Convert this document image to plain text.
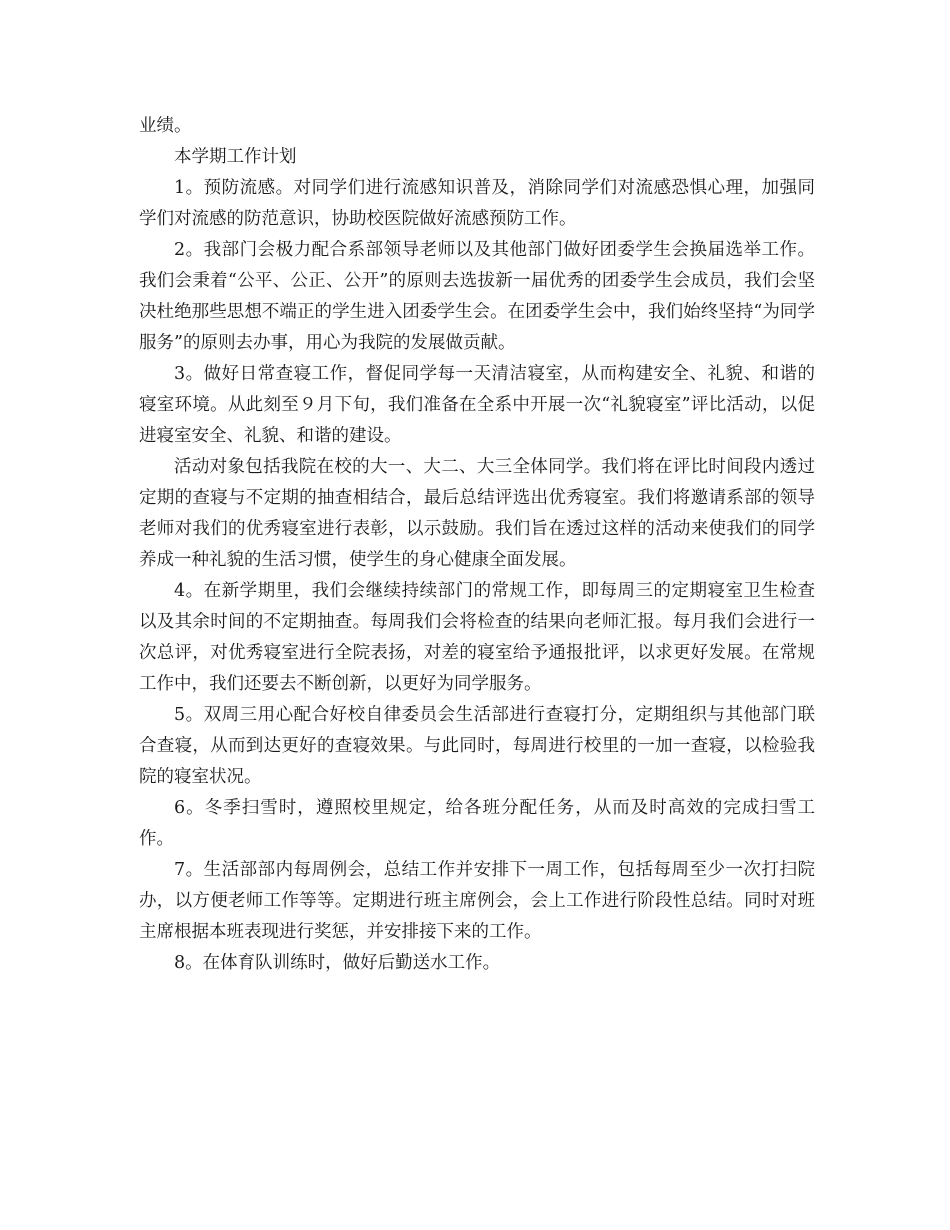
业绩。

本学期工作计划

1。预防流感。对同学们进行流感知识普及，消除同学们对流感恐惧心理，加强同学们对流感的防范意识，协助校医院做好流感预防工作。

2。我部门会极力配合系部领导老师以及其他部门做好团委学生会换届选举工作。我们会秉着“公平、公正、公开”的原则去选拔新一届优秀的团委学生会成员，我们会坚决杜绝那些思想不端正的学生进入团委学生会。在团委学生会中，我们始终坚持“为同学服务”的原则去办事，用心为我院的发展做贡献。

3。做好日常查寝工作，督促同学每一天清洁寝室，从而构建安全、礼貌、和谐的寝室环境。从此刻至９月下旬，我们准备在全系中开展一次“礼貌寝室”评比活动，以促进寝室安全、礼貌、和谐的建设。

活动对象包括我院在校的大一、大二、大三全体同学。我们将在评比时间段内透过定期的查寝与不定期的抽查相结合，最后总结评选出优秀寝室。我们将邀请系部的领导老师对我们的优秀寝室进行表彰，以示鼓励。我们旨在透过这样的活动来使我们的同学养成一种礼貌的生活习惯，使学生的身心健康全面发展。

4。在新学期里，我们会继续持续部门的常规工作，即每周三的定期寝室卫生检查以及其余时间的不定期抽查。每周我们会将检查的结果向老师汇报。每月我们会进行一次总评，对优秀寝室进行全院表扬，对差的寝室给予通报批评，以求更好发展。在常规工作中，我们还要去不断创新，以更好为同学服务。

5。双周三用心配合好校自律委员会生活部进行查寝打分，定期组织与其他部门联合查寝，从而到达更好的查寝效果。与此同时，每周进行校里的一加一查寝，以检验我院的寝室状况。

6。冬季扫雪时，遵照校里规定，给各班分配任务，从而及时高效的完成扫雪工作。

7。生活部部内每周例会，总结工作并安排下一周工作，包括每周至少一次打扫院办，以方便老师工作等等。定期进行班主席例会，会上工作进行阶段性总结。同时对班主席根据本班表现进行奖惩，并安排接下来的工作。

8。在体育队训练时，做好后勤送水工作。
